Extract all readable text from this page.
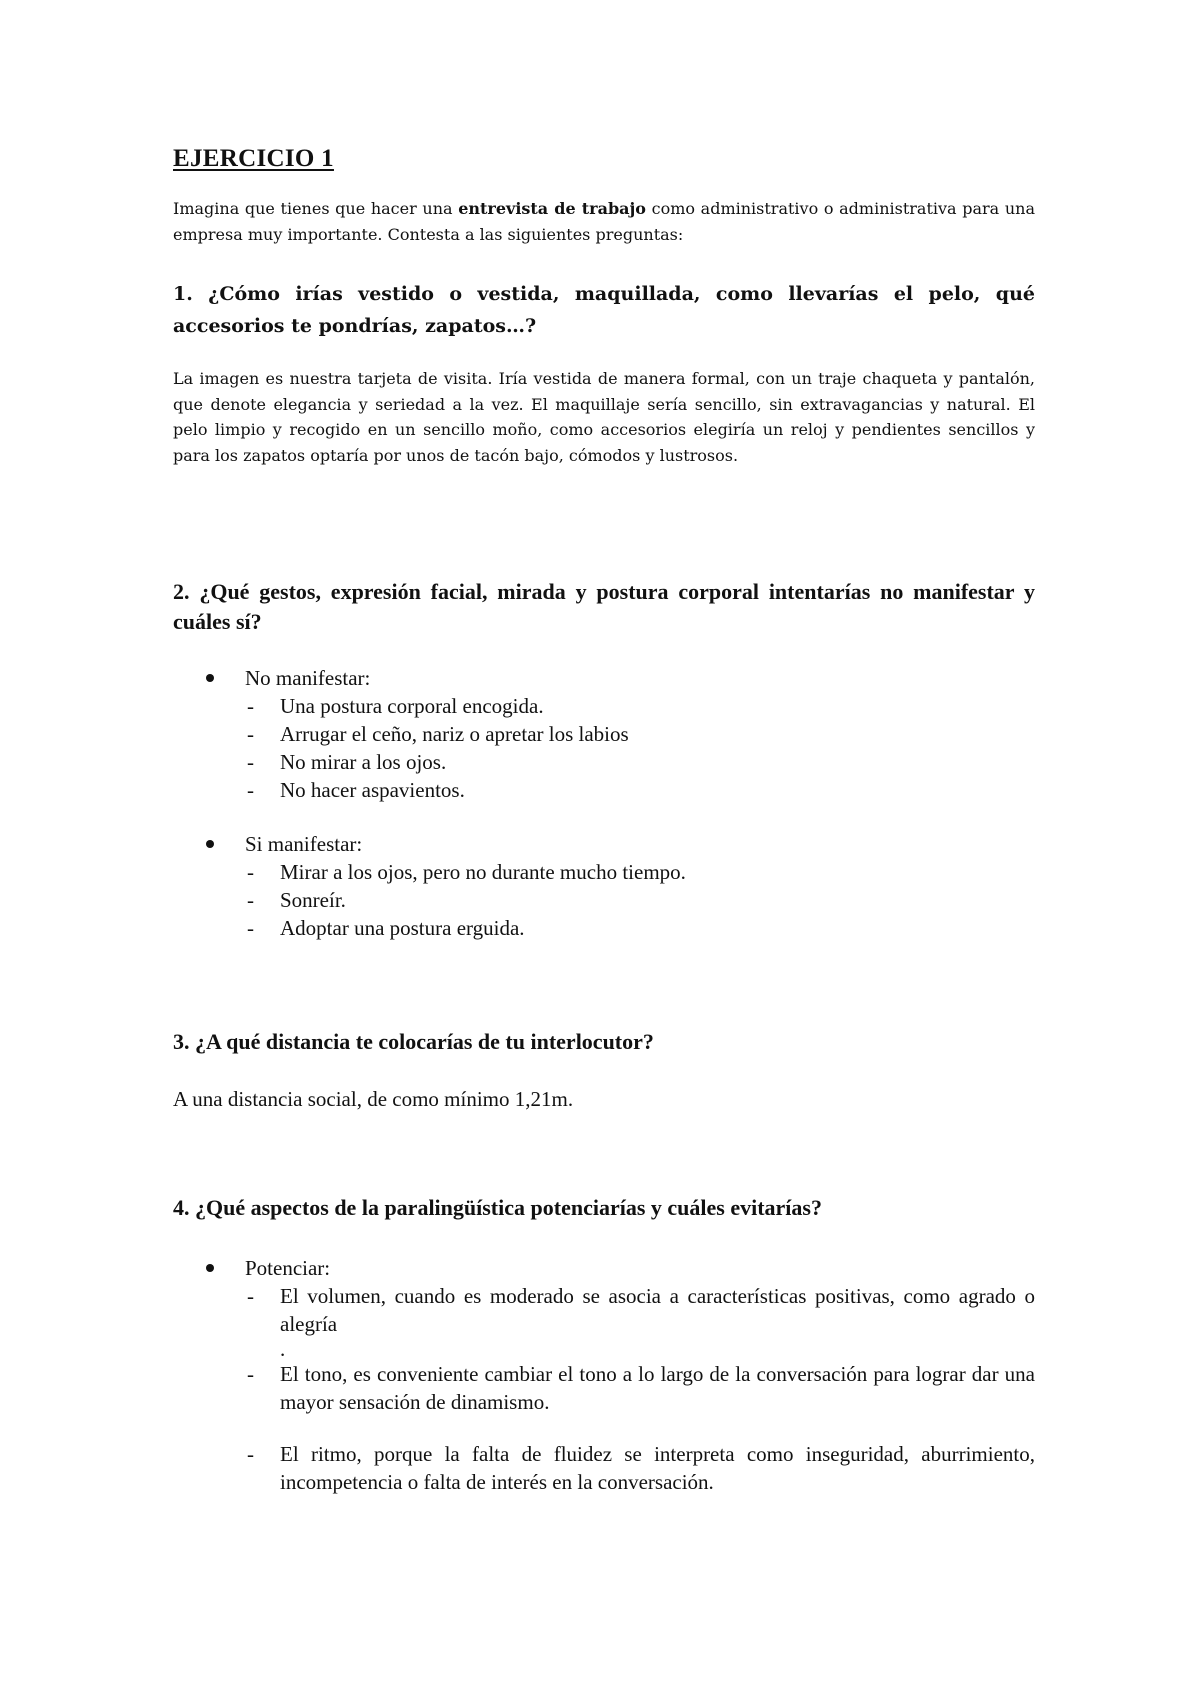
EJERCICIO 1

Imagina que tienes que hacer una entrevista de trabajo como administrativo o administrativa para una empresa muy importante. Contesta a las siguientes preguntas:

1. ¿Cómo irías vestido o vestida, maquillada, como llevarías el pelo, qué accesorios te pondrías, zapatos…?

La imagen es nuestra tarjeta de visita. Iría vestida de manera formal, con un traje chaqueta y pantalón, que denote elegancia y seriedad a la vez. El maquillaje sería sencillo, sin extravagancias y natural. El pelo limpio y recogido en un sencillo moño, como accesorios elegiría un reloj y pendientes sencillos y para los zapatos optaría por unos de tacón bajo, cómodos y lustrosos.

2. ¿Qué gestos, expresión facial, mirada y postura corporal intentarías no manifestar y cuáles sí?

No manifestar:
- Una postura corporal encogida.
- Arrugar el ceño, nariz o apretar los labios
- No mirar a los ojos.
- No hacer aspavientos.
Si manifestar:
- Mirar a los ojos, pero no durante mucho tiempo.
- Sonreír.
- Adoptar una postura erguida.

3. ¿A qué distancia te colocarías de tu interlocutor?

A una distancia social, de como mínimo 1,21m.

4. ¿Qué aspectos de la paralingüística potenciarías y cuáles evitarías?

Potenciar:
- El volumen, cuando es moderado se asocia a características positivas, como agrado o alegría
.
- El tono, es conveniente cambiar el tono a lo largo de la conversación para lograr dar una mayor sensación de dinamismo.
- El ritmo, porque la falta de fluidez se interpreta como inseguridad, aburrimiento, incompetencia o falta de interés en la conversación.
